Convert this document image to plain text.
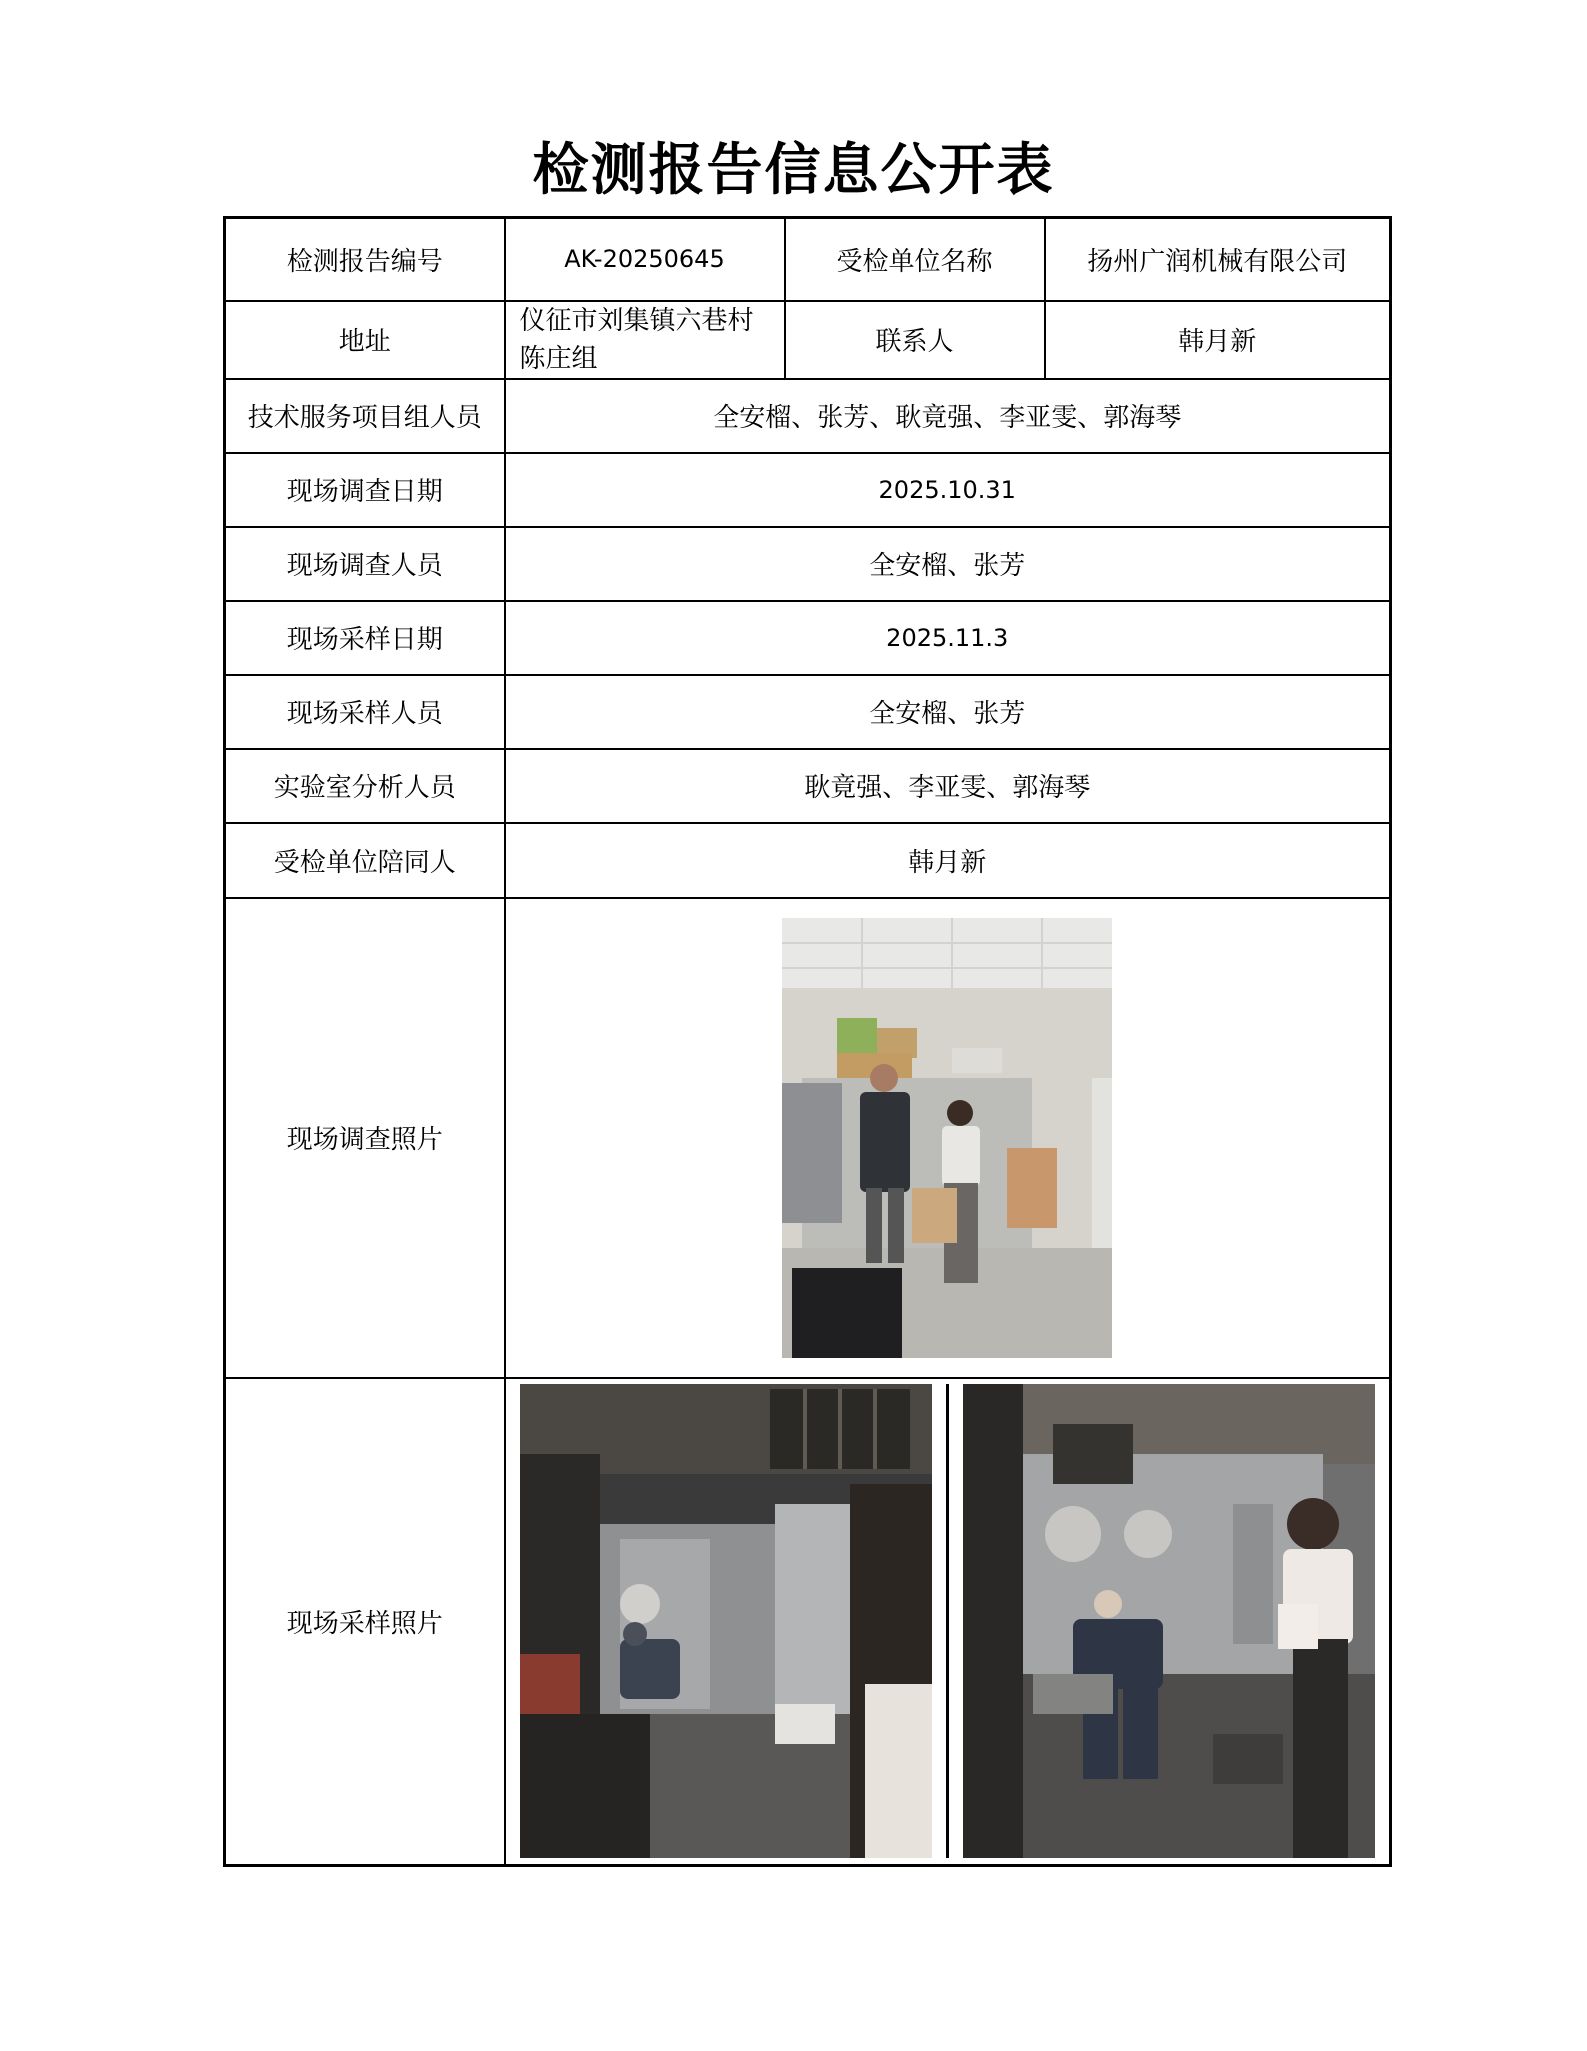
检测报告信息公开表
检测报告编号	AK-20250645	受检单位名称	扬州广润机械有限公司
地址	仪征市刘集镇六巷村陈庄组	联系人	韩月新
技术服务项目组人员	全安榴、张芳、耿竟强、李亚雯、郭海琴		
现场调查日期	2025.10.31		
现场调查人员	全安榴、张芳		
现场采样日期	2025.11.3		
现场采样人员	全安榴、张芳		
实验室分析人员	耿竟强、李亚雯、郭海琴		
受检单位陪同人	韩月新		
现场调查照片	

现场采样照片	
